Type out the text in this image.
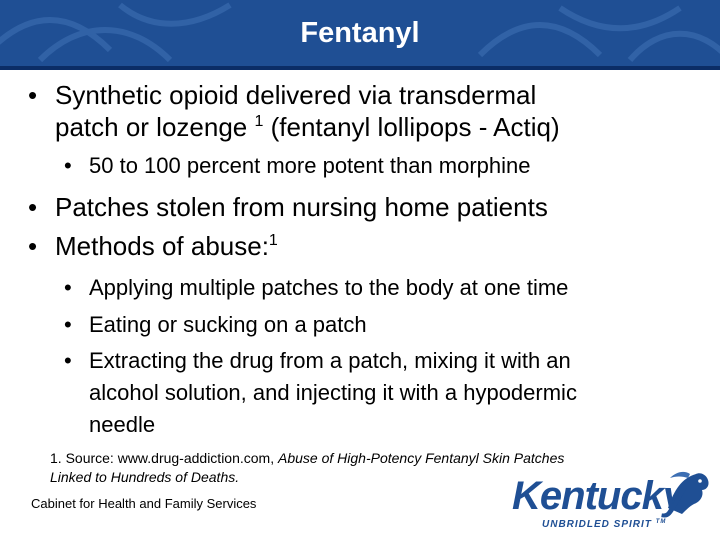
Fentanyl
• Synthetic opioid delivered via transdermal
patch or lozenge $^1$ (fentanyl lollipops - Actiq)
• 50 to 100 percent more potent than morphine
• Patches stolen from nursing home patients
• Methods of abuse:$^1$
• Applying multiple patches to the body at one time
• Eating or sucking on a patch
• Extracting the drug from a patch, mixing it with an
alcohol solution, and injecting it with a hypodermic
needle
1. Source: www.drug-addiction.com, Abuse of High-Potency Fentanyl Skin Patches
Linked to Hundreds of Deaths.
Cabinet for Health and Family Services	Kentucky
UNBRIDLED SPIRIT ™
